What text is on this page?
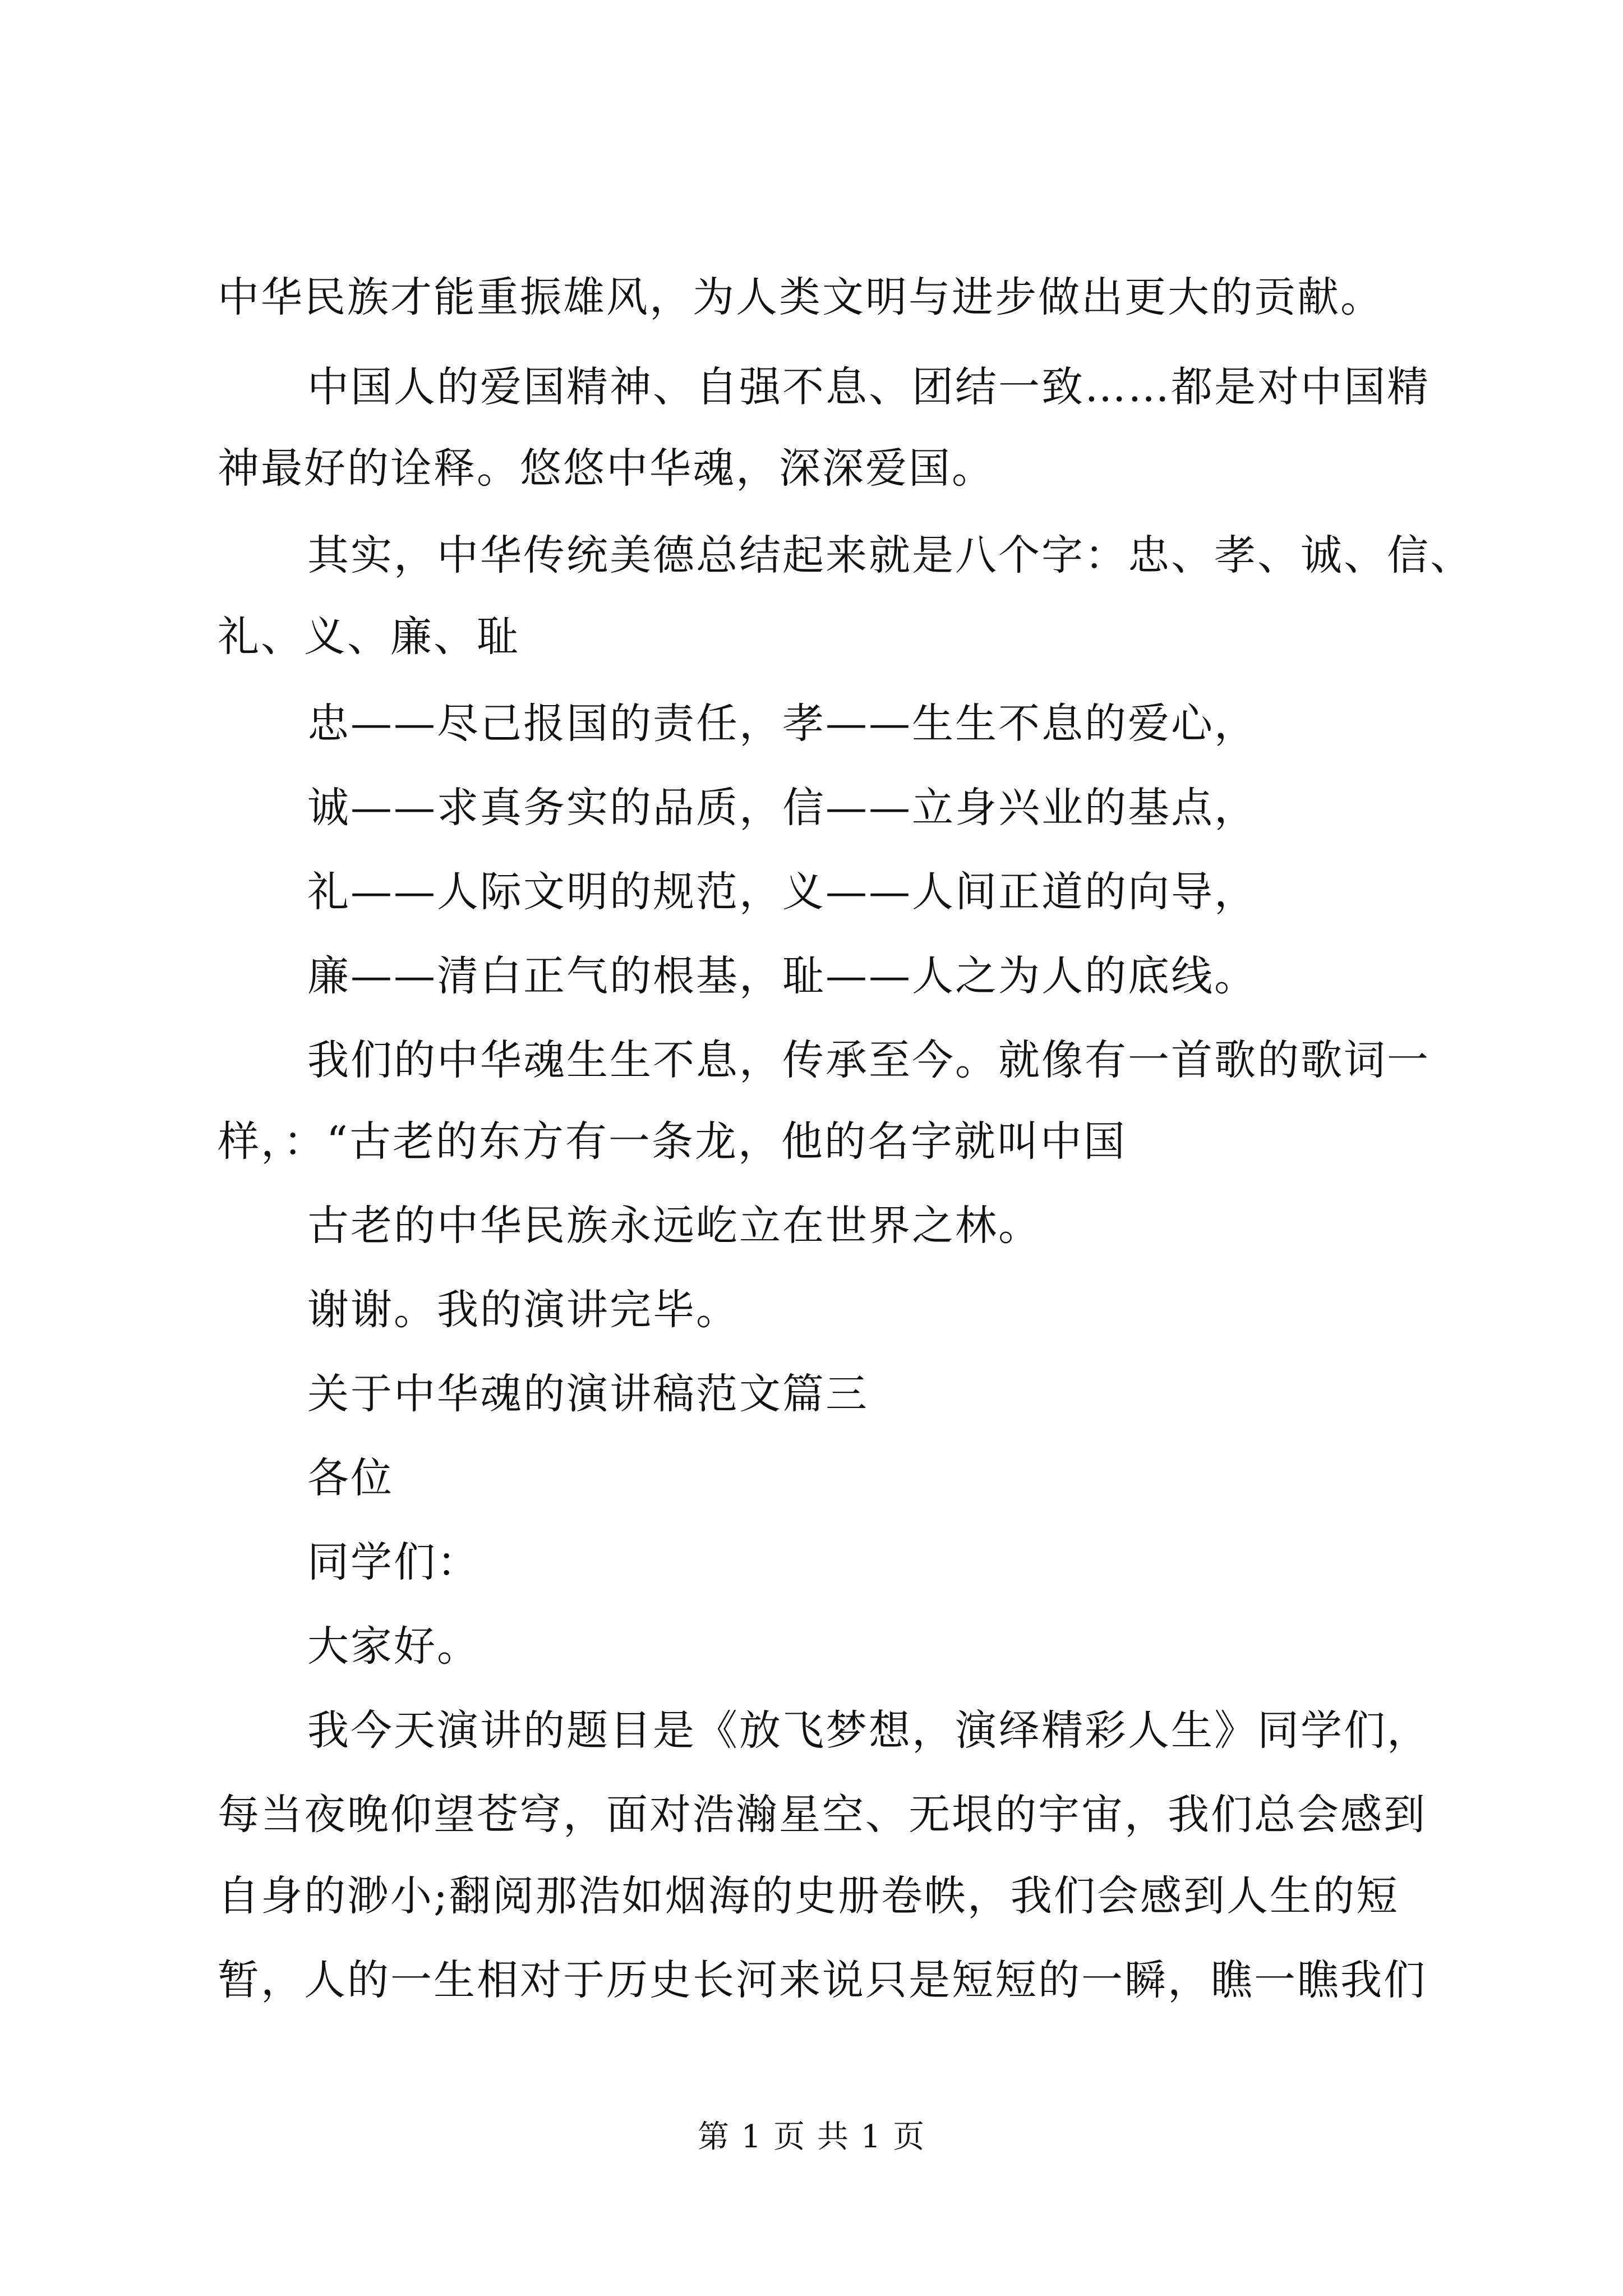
中华民族才能重振雄风，为人类文明与进步做出更大的贡献。
中国人的爱国精神、自强不息、团结一致……都是对中国精
神最好的诠释。悠悠中华魂，深深爱国。
其实，中华传统美德总结起来就是八个字：忠、孝、诚、信、
礼、义、廉、耻
忠——尽己报国的责任，孝——生生不息的爱心，
诚——求真务实的品质，信——立身兴业的基点，
礼——人际文明的规范，义——人间正道的向导，
廉——清白正气的根基，耻——人之为人的底线。
我们的中华魂生生不息，传承至今。就像有一首歌的歌词一
样，：“古老的东方有一条龙，他的名字就叫中国
古老的中华民族永远屹立在世界之林。
谢谢。我的演讲完毕。
关于中华魂的演讲稿范文篇三
各位
同学们：
大家好。
我今天演讲的题目是《放飞梦想，演绎精彩人生》同学们，
每当夜晚仰望苍穹，面对浩瀚星空、无垠的宇宙，我们总会感到
自身的渺小;翻阅那浩如烟海的史册卷帙，我们会感到人生的短
暂，人的一生相对于历史长河来说只是短短的一瞬，瞧一瞧我们
第 1 页 共 1 页
